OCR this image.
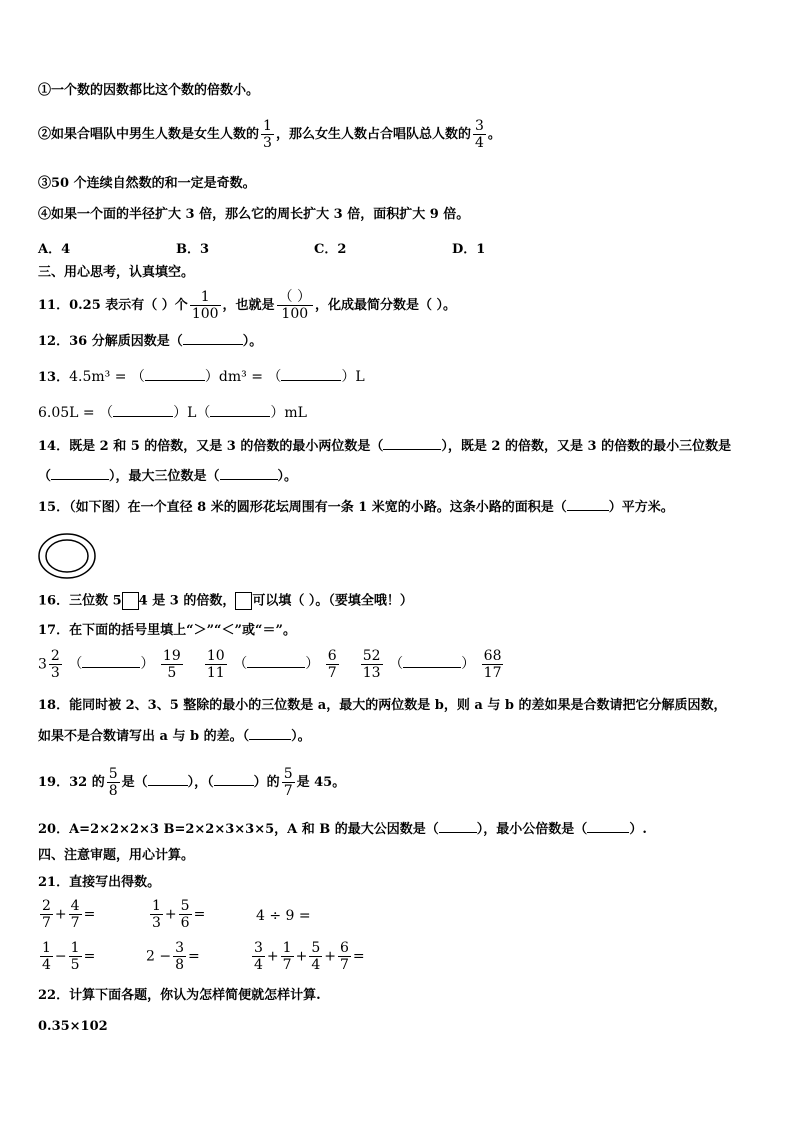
①一个数的因数都比这个数的倍数小。
②如果合唱队中男生人数是女生人数的 $\frac{1}{3}$ ，那么女生人数占合唱队总人数的 $\frac{3}{4}$ 。
③50 个连续自然数的和一定是奇数。
④如果一个面的半径扩大 3 倍，那么它的周长扩大 3 倍，面积扩大 9 倍。
A．4	B．3	C．2	D．1
三、用心思考，认真填空。
11．0.25 表示有（ ）个 $\frac{1}{100}$ ，也就是
（ ）
100
，化成最简分数是（ ）。
12．36 分解质因数是（	）。
13．4.5m³ = （	）dm³ = （	）L
6.05L = （	）L（	）mL
14．既是 2 和 5 的倍数，又是 3 的倍数的最小两位数是（	），既是 2 的倍数，又是 3 的倍数的最小三位数是
（	），最大三位数是（	）。
15．（如下图）在一个直径 8 米的圆形花坛周围有一条 1 米宽的小路。这条小路的面积是（	）平方米。
16．三位数 5 4 是 3 的倍数， 可以填（ ）。（要填全哦！）
17．在下面的括号里填上“＞”“＜”或“＝”。
$3 \frac{2}{3}$ （	） $\frac{19}{5}$
$\frac{10}{11}$ （	） $\frac{6}{7}$
$\frac{52}{13}$ （	） $\frac{68}{17}$
18．能同时被 2、3、5 整除的最小的三位数是 a，最大的两位数是 b，则 a 与 b 的差如果是合数请把它分解质因数，
如果不是合数请写出 a 与 b 的差。（	）。
19．32 的 $\frac{5}{8}$ 是（	），（	）的 $\frac{5}{7}$ 是 45。
20．A=2×2×2×3 B=2×2×3×3×5，A 和 B 的最大公因数是（	），最小公倍数是（	）.
四、注意审题，用心计算。
21．直接写出得数。
$\frac{2}{7} + \frac{4}{7}$ =	$\frac{1}{3} + \frac{5}{6}$ =	4 ÷ 9 =
$\frac{1}{4} - \frac{1}{5}$ =	$2 - \frac{3}{8}$ =	$\frac{3}{4} + \frac{1}{7} + \frac{5}{4} + \frac{6}{7}$ =
22．计算下面各题，你认为怎样简便就怎样计算.
0.35×102
